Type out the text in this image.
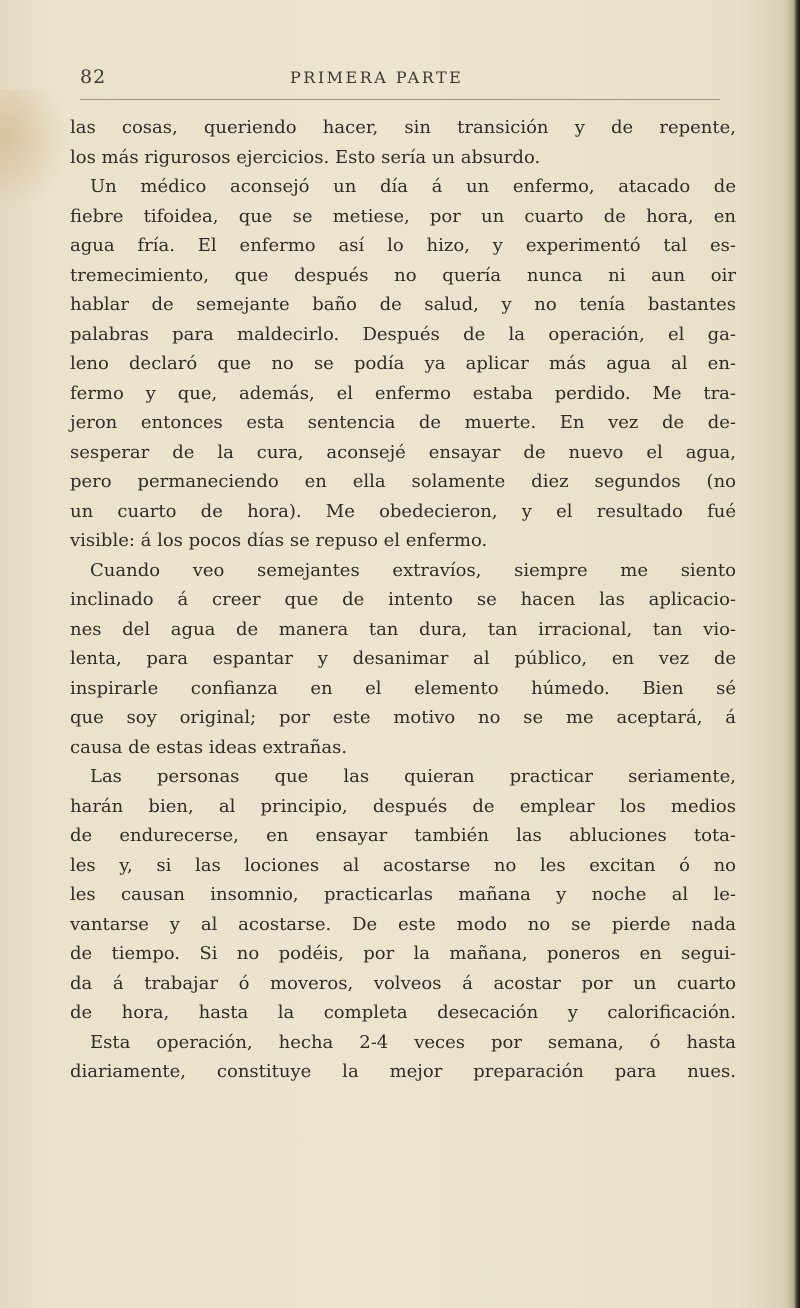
82	PRIMERA PARTE
las cosas, queriendo hacer, sin transición y de repente,
los más rigurosos ejercicios. Esto sería un absurdo.
Un médico aconsejó un día á un enfermo, atacado de
fiebre tifoidea, que se metiese, por un cuarto de hora, en
agua fría. El enfermo así lo hizo, y experimentó tal es-
tremecimiento, que después no quería nunca ni aun oir
hablar de semejante baño de salud, y no tenía bastantes
palabras para maldecirlo. Después de la operación, el ga-
leno declaró que no se podía ya aplicar más agua al en-
fermo y que, además, el enfermo estaba perdido. Me tra-
jeron entonces esta sentencia de muerte. En vez de de-
sesperar de la cura, aconsejé ensayar de nuevo el agua,
pero permaneciendo en ella solamente diez segundos (no
un cuarto de hora). Me obedecieron, y el resultado fué
visible: á los pocos días se repuso el enfermo.
Cuando veo semejantes extravíos, siempre me siento
inclinado á creer que de intento se hacen las aplicacio-
nes del agua de manera tan dura, tan irracional, tan vio-
lenta, para espantar y desanimar al público, en vez de
inspirarle confianza en el elemento húmedo. Bien sé
que soy original; por este motivo no se me aceptará, á
causa de estas ideas extrañas.
Las personas que las quieran practicar seriamente,
harán bien, al principio, después de emplear los medios
de endurecerse, en ensayar también las abluciones tota-
les y, si las lociones al acostarse no les excitan ó no
les causan insomnio, practicarlas mañana y noche al le-
vantarse y al acostarse. De este modo no se pierde nada
de tiempo. Si no podéis, por la mañana, poneros en segui-
da á trabajar ó moveros, volveos á acostar por un cuarto
de hora, hasta la completa desecación y calorificación.
Esta operación, hecha 2-4 veces por semana, ó hasta
diariamente, constituye la mejor preparación para nues.
